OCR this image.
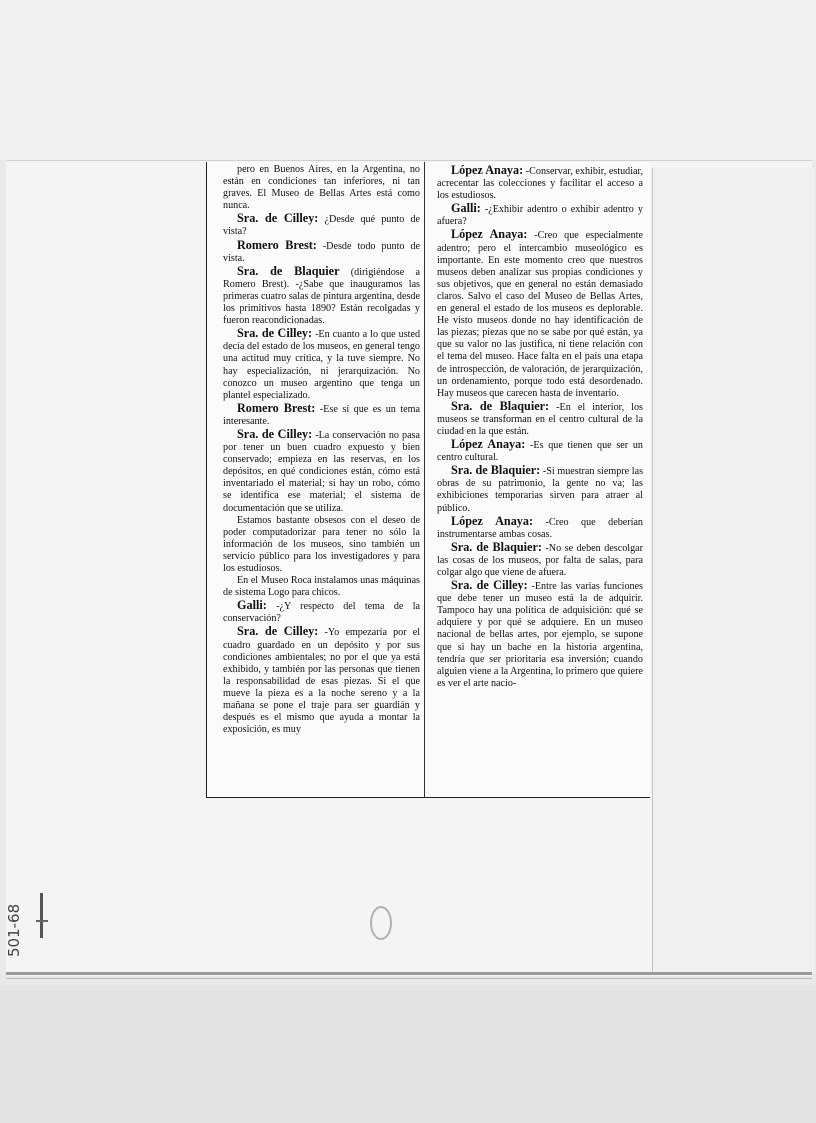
pero en Buenos Aires, en la Argentina, no están en condiciones tan inferiores, ni tan graves. El Museo de Bellas Artes está como nunca.

Sra. de Cilley: ¿Desde qué punto de vista?

Romero Brest: -Desde todo punto de vista.

Sra. de Blaquier (dirigiéndose a Romero Brest). -¿Sabe que inauguramos las primeras cuatro salas de pintura argentina, desde los primitivos hasta 1890? Están recolgadas y fueron reacondicionadas.

Sra. de Cilley: -En cuanto a lo que usted decía del estado de los museos, en general tengo una actitud muy crítica, y la tuve siempre. No hay especialización, ni jerarquización. No conozco un museo argentino que tenga un plantel especializado.

Romero Brest: -Ese sí que es un tema interesante.

Sra. de Cilley: -La conservación no pasa por tener un buen cuadro expuesto y bien conservado; empieza en las reservas, en los depósitos, en qué condiciones están, cómo está inventariado el material; si hay un robo, cómo se identifica ese material; el sistema de documentación que se utiliza.

Estamos bastante obsesos con el deseo de poder computadorizar para tener no sólo la información de los museos, sino también un servicio público para los investigadores y para los estudiosos.

En el Museo Roca instalamos unas máquinas de sistema Logo para chicos.

Galli: -¿Y respecto del tema de la conservación?

Sra. de Cilley: -Yo empezaría por el cuadro guardado en un depósito y por sus condiciones ambientales; no por el que ya está exhibido, y también por las personas que tienen la responsabilidad de esas piezas. Si el que mueve la pieza es a la noche sereno y a la mañana se pone el traje para ser guardián y después es el mismo que ayuda a montar la exposición, es muy

López Anaya: -Conservar, exhibir, estudiar, acrecentar las colecciones y facilitar el acceso a los estudiosos.

Galli: -¿Exhibir adentro o exhibir adentro y afuera?

López Anaya: -Creo que especialmente adentro; pero el intercambio museológico es importante. En este momento creo que nuestros museos deben analizar sus propias condiciones y sus objetivos, que en general no están demasiado claros. Salvo el caso del Museo de Bellas Artes, en general el estado de los museos es deplorable. He visto museos donde no hay identificación de las piezas; piezas que no se sabe por qué están, ya que su valor no las justifica, ni tiene relación con el tema del museo. Hace falta en el país una etapa de introspección, de valoración, de jerarquización, un ordenamiento, porque todo está desordenado. Hay museos que carecen hasta de inventario.

Sra. de Blaquier: -En el interior, los museos se transforman en el centro cultural de la ciudad en la que están.

López Anaya: -Es que tienen que ser un centro cultural.

Sra. de Blaquier: -Si muestran siempre las obras de su patrimonio, la gente no va; las exhibiciones temporarias sirven para atraer al público.

López Anaya: -Creo que deberían instrumentarse ambas cosas.

Sra. de Blaquier: -No se deben descolgar las cosas de los museos, por falta de salas, para colgar algo que viene de afuera.

Sra. de Cilley: -Entre las varias funciones que debe tener un museo está la de adquirir. Tampoco hay una política de adquisición: qué se adquiere y por qué se adquiere. En un museo nacional de bellas artes, por ejemplo, se supone que si hay un bache en la historia argentina, tendría que ser prioritaria esa inversión; cuando alguien viene a la Argentina, lo primero que quiere es ver el arte nacio-

501-68
